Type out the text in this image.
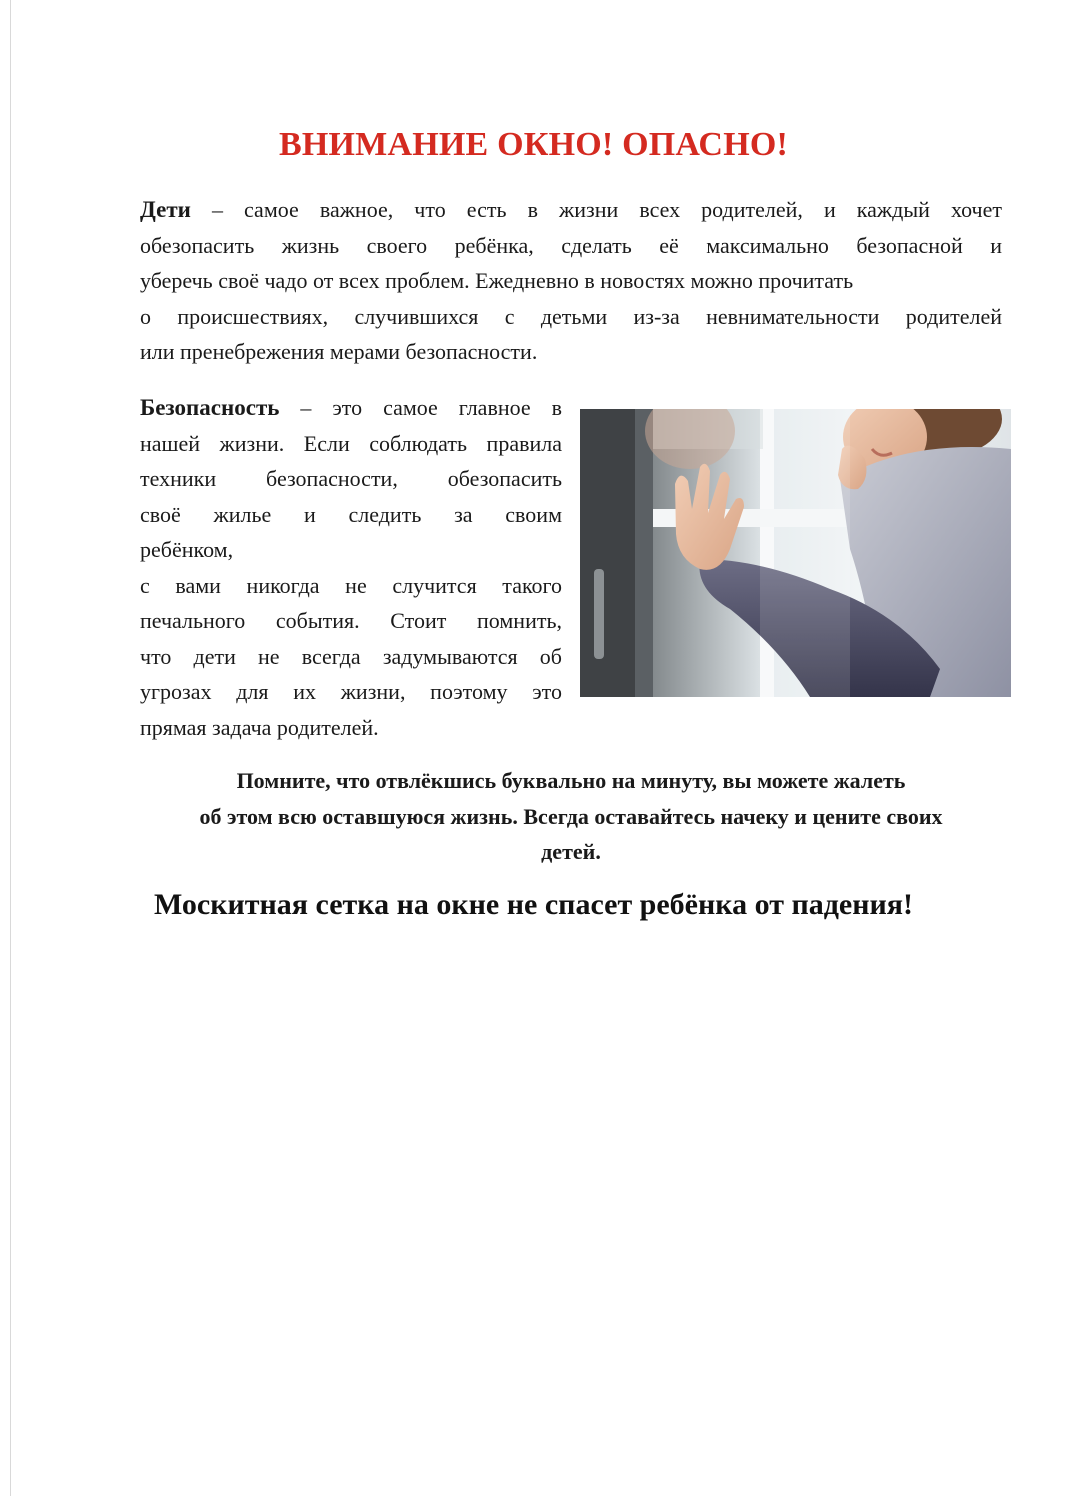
ВНИМАНИЕ ОКНО! ОПАСНО!

Дети – самое важное, что есть в жизни всех родителей, и каждый хочет
обезопасить жизнь своего ребёнка, сделать её максимально безопасной и
уберечь своё чадо от всех проблем. Ежедневно в новостях можно прочитать
о происшествиях, случившихся с детьми из-за невнимательности родителей
или пренебрежения мерами безопасности.

Безопасность – это самое главное в
нашей жизни. Если соблюдать правила
техники безопасности, обезопасить
своё жилье и следить за своим
ребёнком,
с вами никогда не случится такого
печального события. Стоит помнить,
что дети не всегда задумываются об
угрозах для их жизни, поэтому это
прямая задача родителей.

Помните, что отвлёкшись буквально на минуту, вы можете жалеть
об этом всю оставшуюся жизнь. Всегда оставайтесь начеку и цените своих
детей.

Москитная сетка на окне не спасет ребёнка от падения!
